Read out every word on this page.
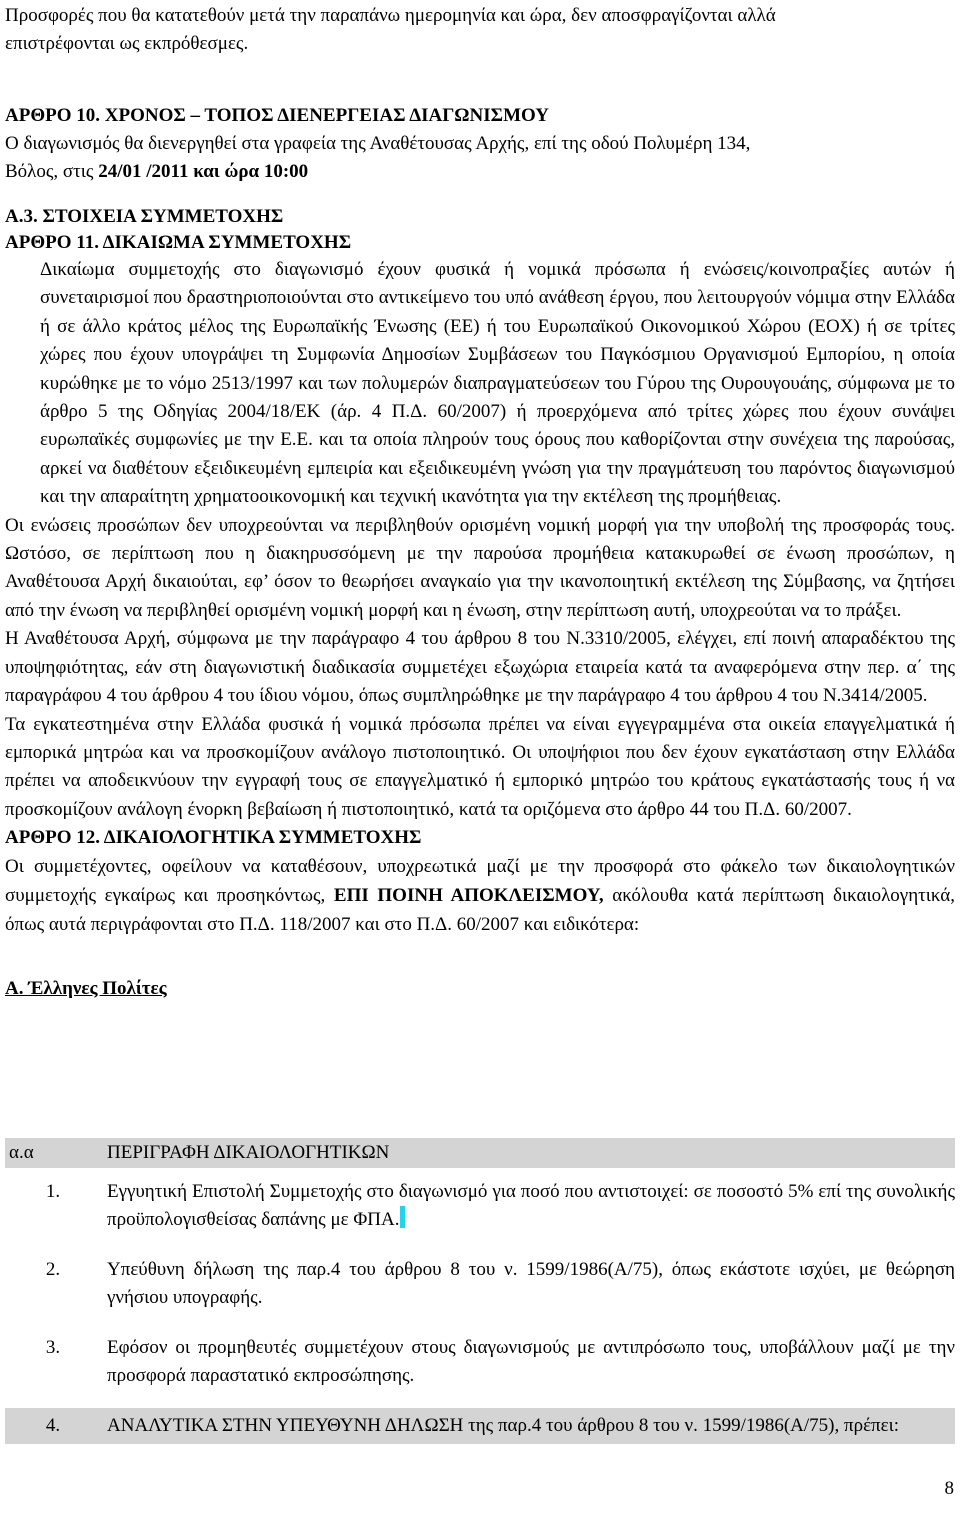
Προσφορές που θα κατατεθούν μετά την παραπάνω ημερομηνία και ώρα, δεν αποσφραγίζονται αλλά

επιστρέφονται ως εκπρόθεσμες.

ΑΡΘΡΟ 10. ΧΡΟΝΟΣ – ΤΟΠΟΣ ΔΙΕΝΕΡΓΕΙΑΣ ΔΙΑΓΩΝΙΣΜΟΥ

Ο διαγωνισμός θα διενεργηθεί στα γραφεία της Αναθέτουσας Αρχής, επί της οδού Πολυμέρη 134,

Βόλος, στις 24/01 /2011 και ώρα 10:00

Α.3. ΣΤΟΙΧΕΙΑ ΣΥΜΜΕΤΟΧΗΣ

ΑΡΘΡΟ 11. ΔΙΚΑΙΩΜΑ ΣΥΜΜΕΤΟΧΗΣ

Δικαίωμα συμμετοχής στο διαγωνισμό έχουν φυσικά ή νομικά πρόσωπα ή ενώσεις/κοινοπραξίες αυτών ή συνεταιρισμοί που δραστηριοποιούνται στο αντικείμενο του υπό ανάθεση έργου, που λειτουργούν νόμιμα στην Ελλάδα ή σε άλλο κράτος μέλος της Ευρωπαϊκής Ένωσης (ΕΕ) ή του Ευρωπαϊκού Οικονομικού Χώρου (ΕΟΧ) ή σε τρίτες χώρες που έχουν υπογράψει τη Συμφωνία Δημοσίων Συμβάσεων του Παγκόσμιου Οργανισμού Εμπορίου, η οποία κυρώθηκε με το νόμο 2513/1997 και των πολυμερών διαπραγματεύσεων του Γύρου της Ουρουγουάης, σύμφωνα με το άρθρο 5 της Οδηγίας 2004/18/ΕΚ (άρ. 4 Π.Δ. 60/2007) ή προερχόμενα από τρίτες χώρες που έχουν συνάψει ευρωπαϊκές συμφωνίες με την Ε.Ε. και τα οποία πληρούν τους όρους που καθορίζονται στην συνέχεια της παρούσας, αρκεί να διαθέτουν εξειδικευμένη εμπειρία και εξειδικευμένη γνώση για την πραγμάτευση του παρόντος διαγωνισμού και την απαραίτητη χρηματοοικονομική και τεχνική ικανότητα για την εκτέλεση της προμήθειας.

Οι ενώσεις προσώπων δεν υποχρεούνται να περιβληθούν ορισμένη νομική μορφή για την υποβολή της προσφοράς τους. Ωστόσο, σε περίπτωση που η διακηρυσσόμενη με την παρούσα προμήθεια κατακυρωθεί σε ένωση προσώπων, η Αναθέτουσα Αρχή δικαιούται, εφ’ όσον το θεωρήσει αναγκαίο για την ικανοποιητική εκτέλεση της Σύμβασης, να ζητήσει από την ένωση να περιβληθεί ορισμένη νομική μορφή και η ένωση, στην περίπτωση αυτή, υποχρεούται να το πράξει.

Η Αναθέτουσα Αρχή, σύμφωνα με την παράγραφο 4 του άρθρου 8 του Ν.3310/2005, ελέγχει, επί ποινή απαραδέκτου της υποψηφιότητας, εάν στη διαγωνιστική διαδικασία συμμετέχει εξωχώρια εταιρεία κατά τα αναφερόμενα στην περ. α΄ της παραγράφου 4 του άρθρου 4 του ίδιου νόμου, όπως συμπληρώθηκε με την παράγραφο 4 του άρθρου 4 του Ν.3414/2005.

Τα εγκατεστημένα στην Ελλάδα φυσικά ή νομικά πρόσωπα πρέπει να είναι εγγεγραμμένα στα οικεία επαγγελματικά ή εμπορικά μητρώα και να προσκομίζουν ανάλογο πιστοποιητικό. Οι υποψήφιοι που δεν έχουν εγκατάσταση στην Ελλάδα πρέπει να αποδεικνύουν την εγγραφή τους σε επαγγελματικό ή εμπορικό μητρώο του κράτους εγκατάστασής τους ή να προσκομίζουν ανάλογη ένορκη βεβαίωση ή πιστοποιητικό, κατά τα οριζόμενα στο άρθρο 44 του Π.Δ. 60/2007.

ΑΡΘΡΟ 12. ΔΙΚΑΙΟΛΟΓΗΤΙΚΑ ΣΥΜΜΕΤΟΧΗΣ

Οι συμμετέχοντες, οφείλουν να καταθέσουν, υποχρεωτικά μαζί με την προσφορά στο φάκελο των δικαιολογητικών συμμετοχής εγκαίρως και προσηκόντως, ΕΠΙ ΠΟΙΝΗ ΑΠΟΚΛΕΙΣΜΟΥ, ακόλουθα κατά περίπτωση δικαιολογητικά, όπως αυτά περιγράφονται στο Π.Δ. 118/2007 και στο Π.Δ. 60/2007 και ειδικότερα:

Α. Έλληνες Πολίτες

α.α	ΠΕΡΙΓΡΑΦΗ ΔΙΚΑΙΟΛΟΓΗΤΙΚΩΝ

1.	Εγγυητική Επιστολή Συμμετοχής στο διαγωνισμό για ποσό που αντιστοιχεί: σε ποσοστό 5% επί της συνολικής προϋπολογισθείσας δαπάνης με ΦΠΑ.

2.	Υπεύθυνη δήλωση της παρ.4 του άρθρου 8 του ν. 1599/1986(Α/75), όπως εκάστοτε ισχύει, με θεώρηση γνήσιου υπογραφής.

3.	Εφόσον οι προμηθευτές συμμετέχουν στους διαγωνισμούς με αντιπρόσωπο τους, υποβάλλουν μαζί με την προσφορά παραστατικό εκπροσώπησης.

4.	ΑΝΑΛΥΤΙΚΑ ΣΤΗΝ ΥΠΕΥΘΥΝΗ ΔΗΛΩΣΗ της παρ.4 του άρθρου 8 του ν. 1599/1986(Α/75), πρέπει:
8
